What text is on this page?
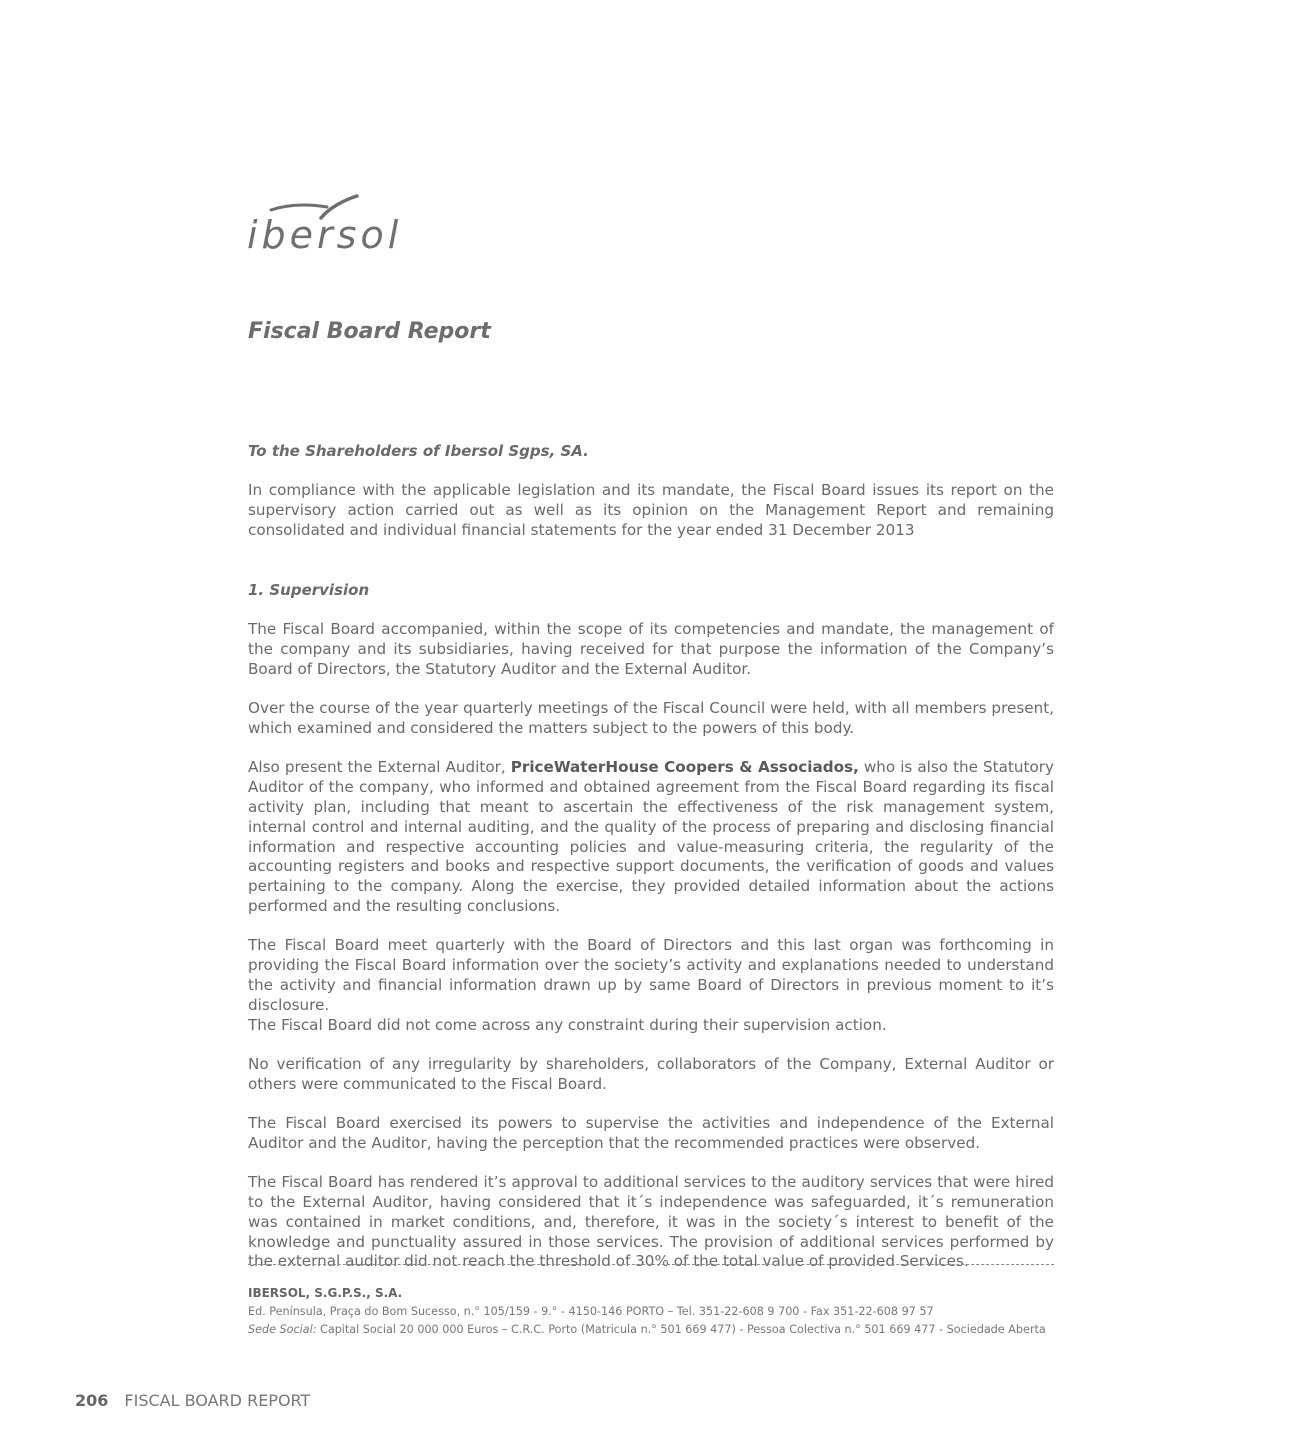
ibersol
Fiscal Board Report

To the Shareholders of Ibersol Sgps, SA.

In compliance with the applicable legislation and its mandate, the Fiscal Board issues its report on the supervisory action carried out as well as its opinion on the Management Report and remaining consolidated and individual financial statements for the year ended 31 December 2013

1. Supervision

The Fiscal Board accompanied, within the scope of its competencies and mandate, the management of the company and its subsidiaries, having received for that purpose the information of the Company’s Board of Directors, the Statutory Auditor and the External Auditor.

Over the course of the year quarterly meetings of the Fiscal Council were held, with all members present, which examined and considered the matters subject to the powers of this body.

Also present the External Auditor, PriceWaterHouse Coopers & Associados, who is also the Statutory Auditor of the company, who informed and obtained agreement from the Fiscal Board regarding its fiscal activity plan, including that meant to ascertain the effectiveness of the risk management system, internal control and internal auditing, and the quality of the process of preparing and disclosing financial information and respective accounting policies and value-measuring criteria, the regularity of the accounting registers and books and respective support documents, the verification of goods and values pertaining to the company. Along the exercise, they provided detailed information about the actions performed and the resulting conclusions.

The Fiscal Board meet quarterly with the Board of Directors and this last organ was forthcoming in providing the Fiscal Board information over the society’s activity and explanations needed to understand the activity and financial information drawn up by same Board of Directors in previous moment to it’s disclosure.
The Fiscal Board did not come across any constraint during their supervision action.

No verification of any irregularity by shareholders, collaborators of the Company, External Auditor or others were communicated to the Fiscal Board.

The Fiscal Board exercised its powers to supervise the activities and independence of the External Auditor and the Auditor, having the perception that the recommended practices were observed.

The Fiscal Board has rendered it’s approval to additional services to the auditory services that were hired to the External Auditor, having considered that it´s independence was safeguarded, it´s remuneration was contained in market conditions, and, therefore, it was in the society´s interest to benefit of the knowledge and punctuality assured in those services. The provision of additional services performed by the external auditor did not reach the threshold of 30% of the total value of provided Services.

IBERSOL, S.G.P.S., S.A.
Ed. Península, Praça do Bom Sucesso, n.° 105/159 - 9.° - 4150-146 PORTO – Tel. 351-22-608 9 700 - Fax 351-22-608 97 57
Sede Social: Capital Social 20 000 000 Euros – C.R.C. Porto (Matricula n.° 501 669 477) - Pessoa Colectiva n.° 501 669 477 - Sociedade Aberta
206 FISCAL BOARD REPORT
